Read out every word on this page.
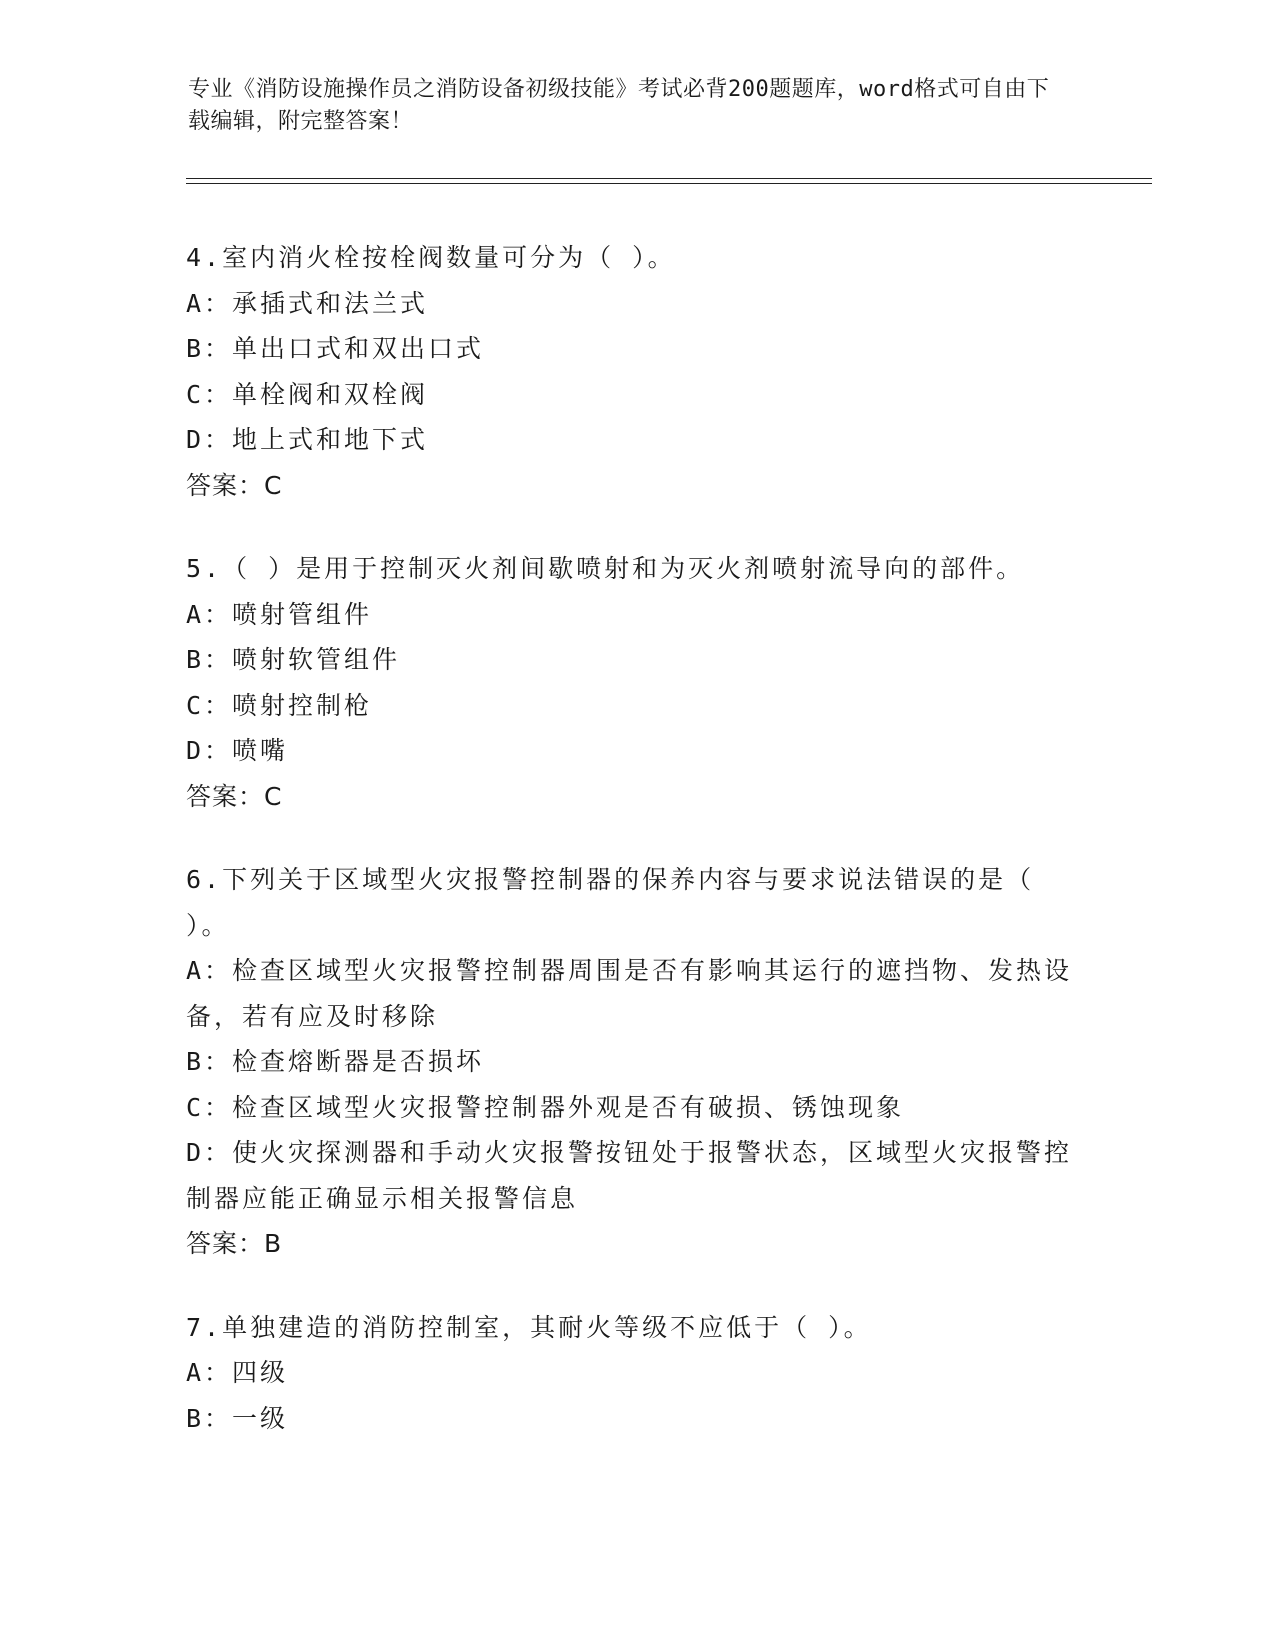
专业《消防设施操作员之消防设备初级技能》考试必背200题题库，word格式可自由下载编辑，附完整答案！

4.室内消火栓按栓阀数量可分为（ ）。

A：承插式和法兰式

B：单出口式和双出口式

C：单栓阀和双栓阀

D：地上式和地下式

答案：C

5.（ ）是用于控制灭火剂间歇喷射和为灭火剂喷射流导向的部件。

A：喷射管组件

B：喷射软管组件

C：喷射控制枪

D：喷嘴

答案：C

6.下列关于区域型火灾报警控制器的保养内容与要求说法错误的是（ ）。

A：检查区域型火灾报警控制器周围是否有影响其运行的遮挡物、发热设备，若有应及时移除

B：检查熔断器是否损坏

C：检查区域型火灾报警控制器外观是否有破损、锈蚀现象

D：使火灾探测器和手动火灾报警按钮处于报警状态，区域型火灾报警控制器应能正确显示相关报警信息

答案：B

7.单独建造的消防控制室，其耐火等级不应低于（ ）。

A：四级

B：一级
